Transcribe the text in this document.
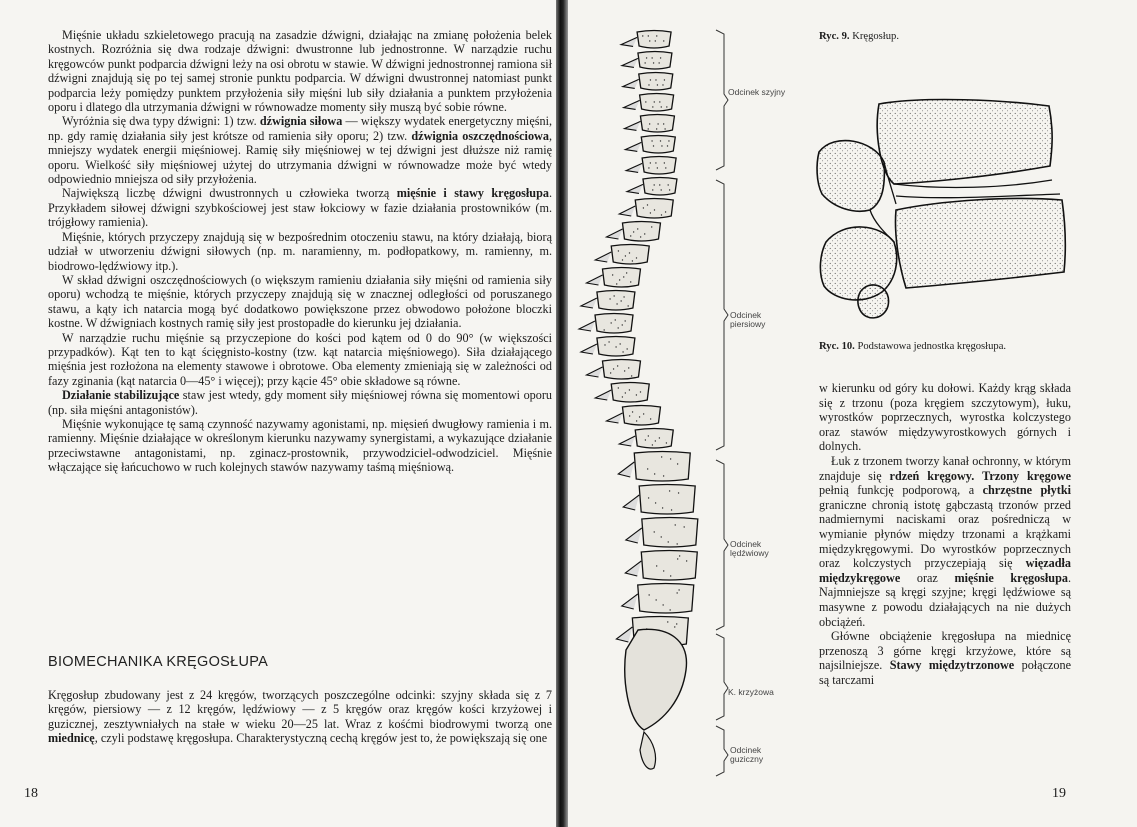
Mięśnie układu szkieletowego pracują na zasadzie dźwigni, działając na zmianę położenia belek kostnych. Rozróżnia się dwa rodzaje dźwigni: dwustronne lub jednostronne. W narządzie ruchu kręgowców punkt podparcia dźwigni leży na osi obrotu w stawie. W dźwigni jednostronnej ramiona sił dźwigni znajdują się po tej samej stronie punktu podparcia. W dźwigni dwustronnej natomiast punkt podparcia leży pomiędzy punktem przyłożenia siły mięśni lub siły działania a punktem przyłożenia oporu i dlatego dla utrzymania dźwigni w równowadze momenty siły muszą być sobie równe.

Wyróżnia się dwa typy dźwigni: 1) tzw. dźwignia siłowa — większy wydatek energetyczny mięśni, np. gdy ramię działania siły jest krótsze od ramienia siły oporu; 2) tzw. dźwignia oszczędnościowa, mniejszy wydatek energii mięśniowej. Ramię siły mięśniowej w tej dźwigni jest dłuższe niż ramię oporu. Wielkość siły mięśniowej użytej do utrzymania dźwigni w równowadze może być wtedy odpowiednio mniejsza od siły przyłożenia.

Największą liczbę dźwigni dwustronnych u człowieka tworzą mięśnie i stawy kręgosłupa. Przykładem siłowej dźwigni szybkościowej jest staw łokciowy w fazie działania prostowników (m. trójgłowy ramienia).

Mięśnie, których przyczepy znajdują się w bezpośrednim otoczeniu stawu, na który działają, biorą udział w utworzeniu dźwigni siłowych (np. m. naramienny, m. podłopatkowy, m. ramienny, m. biodrowo-lędźwiowy itp.).

W skład dźwigni oszczędnościowych (o większym ramieniu działania siły mięśni od ramienia siły oporu) wchodzą te mięśnie, których przyczepy znajdują się w znacznej odległości od poruszanego stawu, a kąty ich natarcia mogą być dodatkowo powiększone przez obwodowo położone bloczki kostne. W dźwigniach kostnych ramię siły jest prostopadłe do kierunku jej działania.

W narządzie ruchu mięśnie są przyczepione do kości pod kątem od 0 do 90° (w większości przypadków). Kąt ten to kąt ścięgnisto-kostny (tzw. kąt natarcia mięśniowego). Siła działającego mięśnia jest rozłożona na elementy stawowe i obrotowe. Oba elementy zmieniają się w zależności od fazy zginania (kąt natarcia 0—45° i więcej); przy kącie 45° obie składowe są równe.

Działanie stabilizujące staw jest wtedy, gdy moment siły mięśniowej równa się momentowi oporu (np. siła mięśni antagonistów).

Mięśnie wykonujące tę samą czynność nazywamy agonistami, np. mięsień dwugłowy ramienia i m. ramienny. Mięśnie działające w określonym kierunku nazywamy synergistami, a wykazujące działanie przeciwstawne antagonistami, np. zginacz-prostownik, przywodziciel-odwodziciel. Mięśnie włączające się łańcuchowo w ruch kolejnych stawów nazywamy taśmą mięśniową.

BIOMECHANIKA KRĘGOSŁUPA

Kręgosłup zbudowany jest z 24 kręgów, tworzących poszczególne odcinki: szyjny składa się z 7 kręgów, piersiowy — z 12 kręgów, lędźwiowy — z 5 kręgów oraz kręgów kości krzyżowej i guzicznej, zesztywniałych na stałe w wieku 20—25 lat. Wraz z kośćmi biodrowymi tworzą one miednicę, czyli podstawę kręgosłupa. Charakterystyczną cechą kręgów jest to, że powiększają się one

18
Odcinek szyjny
Odcinek piersiowy
Odcinek lędźwiowy
K. krzyżowa
Odcinek guziczny
Ryc. 9. Kręgosłup.
Ryc. 10. Podstawowa jednostka kręgosłupa.

w kierunku od góry ku dołowi. Każdy krąg składa się z trzonu (poza kręgiem szczytowym), łuku, wyrostków poprzecznych, wyrostka kolczystego oraz stawów międzywyrostkowych górnych i dolnych.

Łuk z trzonem tworzy kanał ochronny, w którym znajduje się rdzeń kręgowy. Trzony kręgowe pełnią funkcję podporową, a chrzęstne płytki graniczne chronią istotę gąbczastą trzonów przed nadmiernymi naciskami oraz pośredniczą w wymianie płynów między trzonami a krążkami międzykręgowymi. Do wyrostków poprzecznych oraz kolczystych przyczepiają się więzadła międzykręgowe oraz mięśnie kręgosłupa. Najmniejsze są kręgi szyjne; kręgi lędźwiowe są masywne z powodu działających na nie dużych obciążeń.

Główne obciążenie kręgosłupa na miednicę przenoszą 3 górne kręgi krzyżowe, które są najsilniejsze. Stawy międzytrzonowe połączone są tarczami

19
